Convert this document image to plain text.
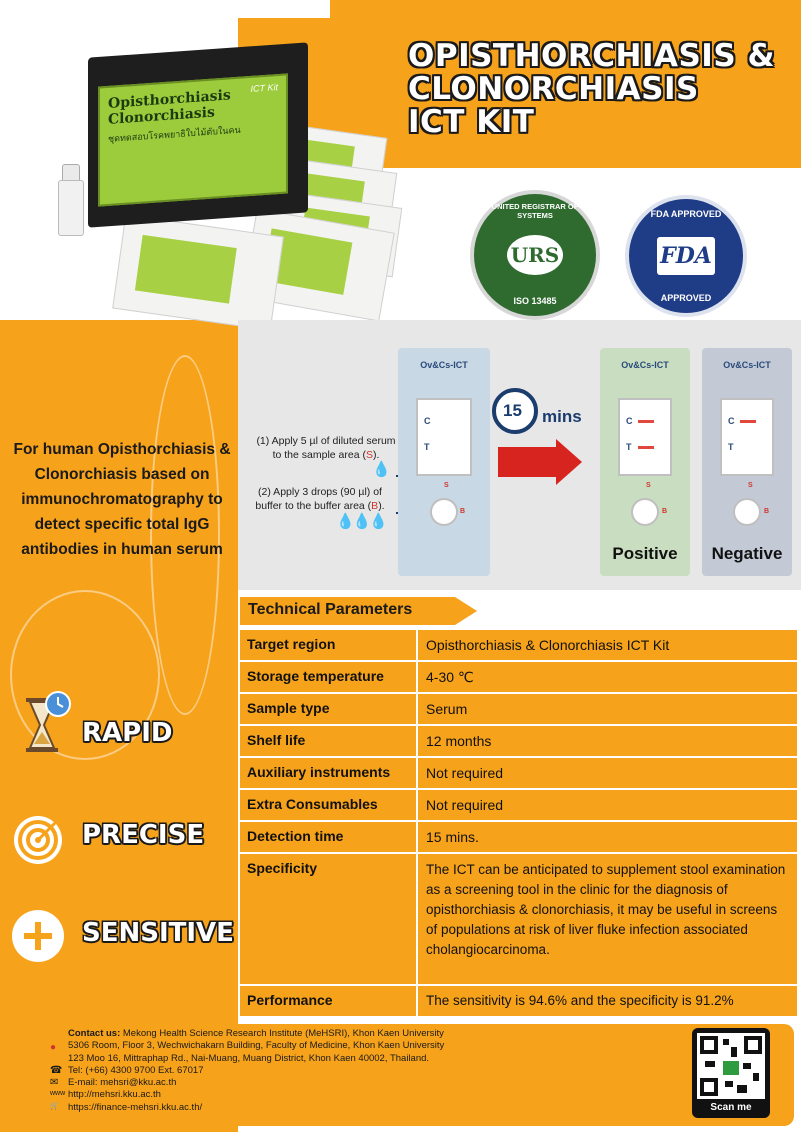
OPISTHORCHIASIS &
CLONORCHIASIS
ICT KIT
ICT Kit
Opisthorchiasis Clonorchiasis
ชุดทดสอบโรคพยาธิใบไม้ตับในคน
UNITED REGISTRAR OF SYSTEMS
URS
ISO 13485
FDA APPROVED
FDA
APPROVED
(1) Apply 5 µl of diluted serum
to the sample area (S).
💧
(2) Apply 3 drops (90 µl) of
buffer to the buffer area (B).
💧💧💧
Ov&Cs-ICT
C
T
S
B
15 mins
Ov&Cs-ICT
C
T
S
B
Positive
Ov&Cs-ICT
C
T
S
B
Negative
For human Opisthorchiasis & Clonorchiasis based on immunochromatography to detect specific total IgG antibodies in human serum
RAPID
PRECISE
SENSITIVE
Technical Parameters
Target region	Opisthorchiasis & Clonorchiasis ICT Kit
Storage temperature	4-30 ℃
Sample type	Serum
Shelf life	12 months
Auxiliary instruments	Not required
Extra Consumables	Not required
Detection time	15 mins.
Specificity	The ICT can be anticipated to supplement stool examination as a screening tool in the clinic for the diagnosis of opisthorchiasis & clonorchiasis, it may be useful in screens of populations at risk of liver fluke infection associated cholangiocarcinoma.
Performance	The sensitivity is 94.6% and the specificity is 91.2%
●
☎
✉
www
🛒
Contact us: Mekong Health Science Research Institute (MeHSRI), Khon Kaen University
5306 Room, Floor 3, Wechwichakarn Building, Faculty of Medicine, Khon Kaen University
123 Moo 16, Mittraphap Rd., Nai-Muang, Muang District, Khon Kaen 40002, Thailand.
Tel: (+66) 4300 9700 Ext. 67017
E-mail: mehsri@kku.ac.th
http://mehsri.kku.ac.th
https://finance-mehsri.kku.ac.th/	Scan me
